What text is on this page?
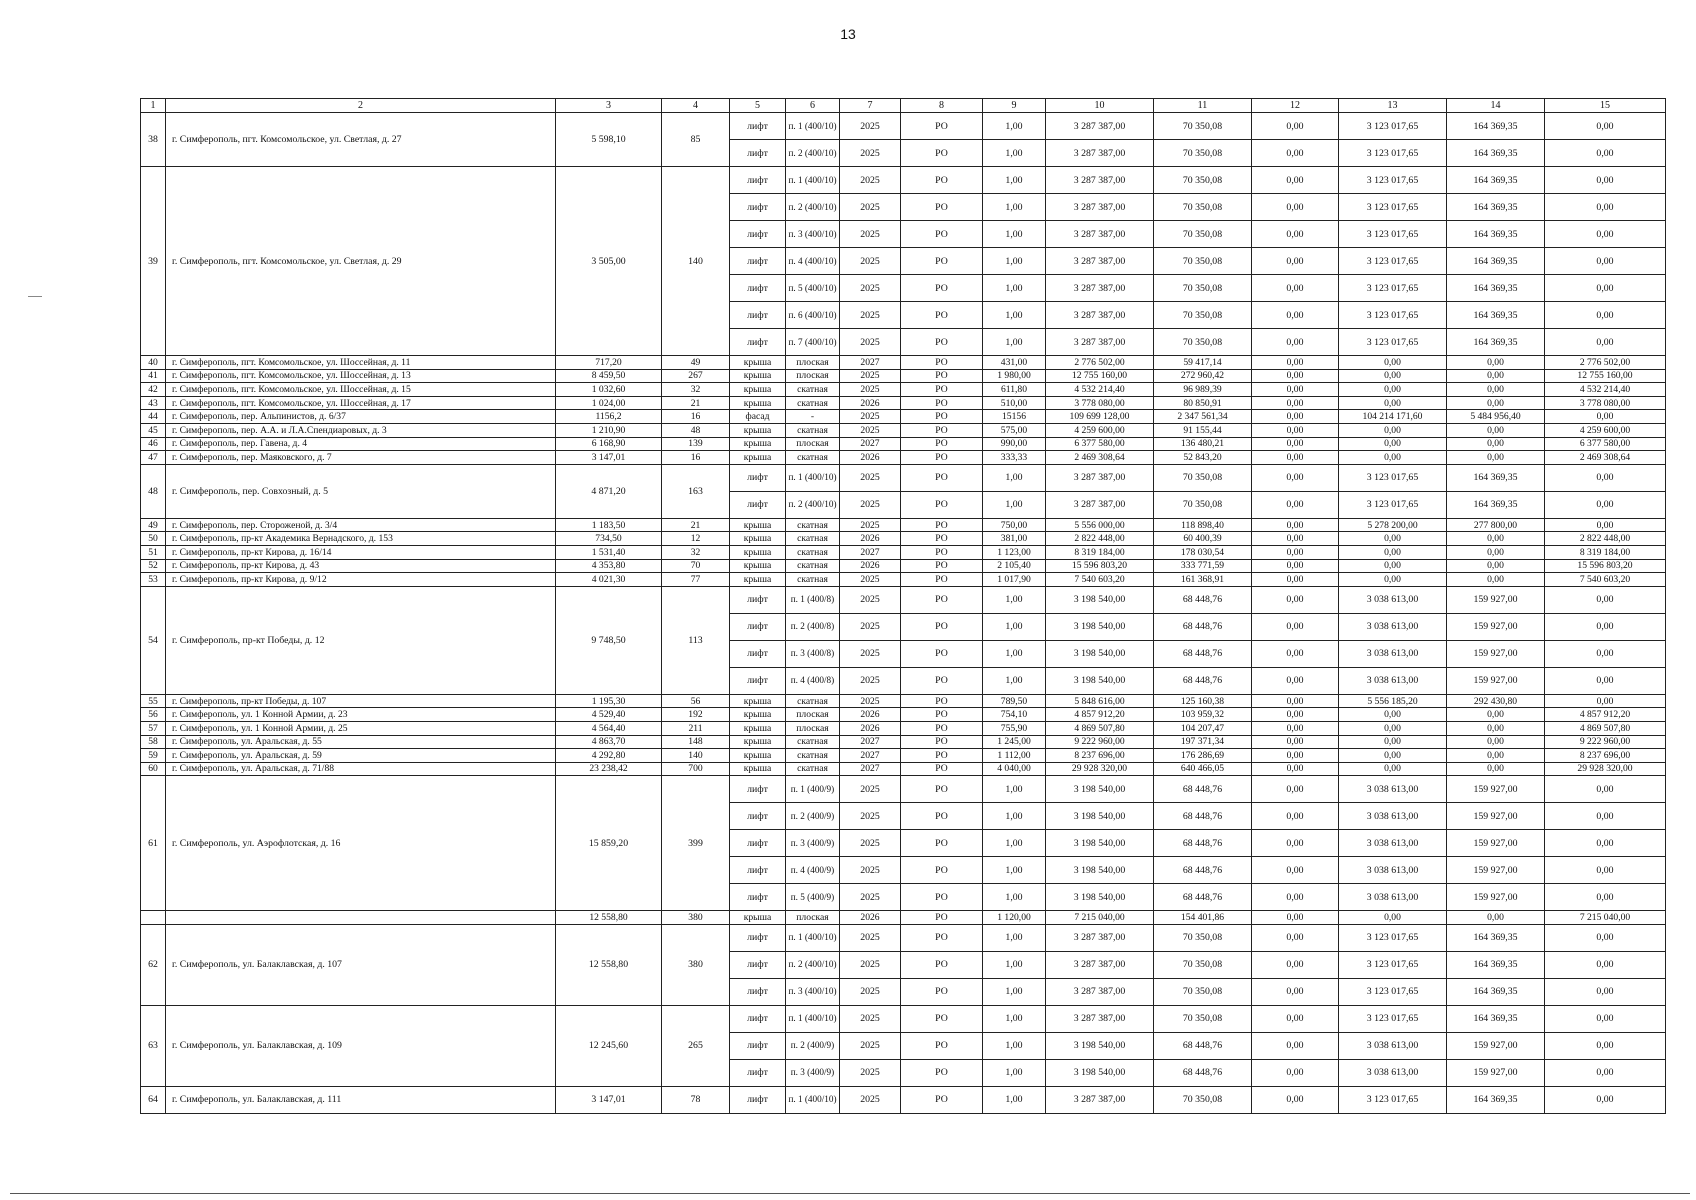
13
1	2	3	4	5	6	7	8	9	10	11	12	13	14	15
38	г. Симферополь, пгт. Комсомольское, ул. Светлая, д. 27	5 598,10	85	лифт	п. 1 (400/10)	2025	РО	1,00	3 287 387,00	70 350,08	0,00	3 123 017,65	164 369,35	0,00
				лифт	п. 2 (400/10)	2025	РО	1,00	3 287 387,00	70 350,08	0,00	3 123 017,65	164 369,35	0,00
39	г. Симферополь, пгт. Комсомольское, ул. Светлая, д. 29	3 505,00	140	лифт	п. 1 (400/10)	2025	РО	1,00	3 287 387,00	70 350,08	0,00	3 123 017,65	164 369,35	0,00
				лифт	п. 2 (400/10)	2025	РО	1,00	3 287 387,00	70 350,08	0,00	3 123 017,65	164 369,35	0,00
				лифт	п. 3 (400/10)	2025	РО	1,00	3 287 387,00	70 350,08	0,00	3 123 017,65	164 369,35	0,00
				лифт	п. 4 (400/10)	2025	РО	1,00	3 287 387,00	70 350,08	0,00	3 123 017,65	164 369,35	0,00
				лифт	п. 5 (400/10)	2025	РО	1,00	3 287 387,00	70 350,08	0,00	3 123 017,65	164 369,35	0,00
				лифт	п. 6 (400/10)	2025	РО	1,00	3 287 387,00	70 350,08	0,00	3 123 017,65	164 369,35	0,00
				лифт	п. 7 (400/10)	2025	РО	1,00	3 287 387,00	70 350,08	0,00	3 123 017,65	164 369,35	0,00
40	г. Симферополь, пгт. Комсомольское, ул. Шоссейная, д. 11	717,20	49	крыша	плоская	2027	РО	431,00	2 776 502,00	59 417,14	0,00	0,00	0,00	2 776 502,00
41	г. Симферополь, пгт. Комсомольское, ул. Шоссейная, д. 13	8 459,50	267	крыша	плоская	2025	РО	1 980,00	12 755 160,00	272 960,42	0,00	0,00	0,00	12 755 160,00
42	г. Симферополь, пгт. Комсомольское, ул. Шоссейная, д. 15	1 032,60	32	крыша	скатная	2025	РО	611,80	4 532 214,40	96 989,39	0,00	0,00	0,00	4 532 214,40
43	г. Симферополь, пгт. Комсомольское, ул. Шоссейная, д. 17	1 024,00	21	крыша	скатная	2026	РО	510,00	3 778 080,00	80 850,91	0,00	0,00	0,00	3 778 080,00
44	г. Симферополь, пер. Альпинистов, д. 6/37	1156,2	16	фасад	-	2025	РО	15156	109 699 128,00	2 347 561,34	0,00	104 214 171,60	5 484 956,40	0,00
45	г. Симферополь, пер. А.А. и Л.А.Спендиаровых, д. 3	1 210,90	48	крыша	скатная	2025	РО	575,00	4 259 600,00	91 155,44	0,00	0,00	0,00	4 259 600,00
46	г. Симферополь, пер. Гавена, д. 4	6 168,90	139	крыша	плоская	2027	РО	990,00	6 377 580,00	136 480,21	0,00	0,00	0,00	6 377 580,00
47	г. Симферополь, пер. Маяковского, д. 7	3 147,01	16	крыша	скатная	2026	РО	333,33	2 469 308,64	52 843,20	0,00	0,00	0,00	2 469 308,64
48	г. Симферополь, пер. Совхозный, д. 5	4 871,20	163	лифт	п. 1 (400/10)	2025	РО	1,00	3 287 387,00	70 350,08	0,00	3 123 017,65	164 369,35	0,00
				лифт	п. 2 (400/10)	2025	РО	1,00	3 287 387,00	70 350,08	0,00	3 123 017,65	164 369,35	0,00
49	г. Симферополь, пер. Стороженой, д. 3/4	1 183,50	21	крыша	скатная	2025	РО	750,00	5 556 000,00	118 898,40	0,00	5 278 200,00	277 800,00	0,00
50	г. Симферополь, пр-кт Академика Вернадского, д. 153	734,50	12	крыша	скатная	2026	РО	381,00	2 822 448,00	60 400,39	0,00	0,00	0,00	2 822 448,00
51	г. Симферополь, пр-кт Кирова, д. 16/14	1 531,40	32	крыша	скатная	2027	РО	1 123,00	8 319 184,00	178 030,54	0,00	0,00	0,00	8 319 184,00
52	г. Симферополь, пр-кт Кирова, д. 43	4 353,80	70	крыша	скатная	2026	РО	2 105,40	15 596 803,20	333 771,59	0,00	0,00	0,00	15 596 803,20
53	г. Симферополь, пр-кт Кирова, д. 9/12	4 021,30	77	крыша	скатная	2025	РО	1 017,90	7 540 603,20	161 368,91	0,00	0,00	0,00	7 540 603,20
54	г. Симферополь, пр-кт Победы, д. 12	9 748,50	113	лифт	п. 1 (400/8)	2025	РО	1,00	3 198 540,00	68 448,76	0,00	3 038 613,00	159 927,00	0,00
				лифт	п. 2 (400/8)	2025	РО	1,00	3 198 540,00	68 448,76	0,00	3 038 613,00	159 927,00	0,00
				лифт	п. 3 (400/8)	2025	РО	1,00	3 198 540,00	68 448,76	0,00	3 038 613,00	159 927,00	0,00
				лифт	п. 4 (400/8)	2025	РО	1,00	3 198 540,00	68 448,76	0,00	3 038 613,00	159 927,00	0,00
55	г. Симферополь, пр-кт Победы, д. 107	1 195,30	56	крыша	скатная	2025	РО	789,50	5 848 616,00	125 160,38	0,00	5 556 185,20	292 430,80	0,00
56	г. Симферополь, ул. 1 Конной Армии, д. 23	4 529,40	192	крыша	плоская	2026	РО	754,10	4 857 912,20	103 959,32	0,00	0,00	0,00	4 857 912,20
57	г. Симферополь, ул. 1 Конной Армии, д. 25	4 564,40	211	крыша	плоская	2026	РО	755,90	4 869 507,80	104 207,47	0,00	0,00	0,00	4 869 507,80
58	г. Симферополь, ул. Аральская, д. 55	4 863,70	148	крыша	скатная	2027	РО	1 245,00	9 222 960,00	197 371,34	0,00	0,00	0,00	9 222 960,00
59	г. Симферополь, ул. Аральская, д. 59	4 292,80	140	крыша	скатная	2027	РО	1 112,00	8 237 696,00	176 286,69	0,00	0,00	0,00	8 237 696,00
60	г. Симферополь, ул. Аральская, д. 71/88	23 238,42	700	крыша	скатная	2027	РО	4 040,00	29 928 320,00	640 466,05	0,00	0,00	0,00	29 928 320,00
61	г. Симферополь, ул. Аэрофлотская, д. 16	15 859,20	399	лифт	п. 1 (400/9)	2025	РО	1,00	3 198 540,00	68 448,76	0,00	3 038 613,00	159 927,00	0,00
				лифт	п. 2 (400/9)	2025	РО	1,00	3 198 540,00	68 448,76	0,00	3 038 613,00	159 927,00	0,00
				лифт	п. 3 (400/9)	2025	РО	1,00	3 198 540,00	68 448,76	0,00	3 038 613,00	159 927,00	0,00
				лифт	п. 4 (400/9)	2025	РО	1,00	3 198 540,00	68 448,76	0,00	3 038 613,00	159 927,00	0,00
				лифт	п. 5 (400/9)	2025	РО	1,00	3 198 540,00	68 448,76	0,00	3 038 613,00	159 927,00	0,00
		12 558,80	380	крыша	плоская	2026	РО	1 120,00	7 215 040,00	154 401,86	0,00	0,00	0,00	7 215 040,00
62	г. Симферополь, ул. Балаклавская, д. 107	12 558,80	380	лифт	п. 1 (400/10)	2025	РО	1,00	3 287 387,00	70 350,08	0,00	3 123 017,65	164 369,35	0,00
				лифт	п. 2 (400/10)	2025	РО	1,00	3 287 387,00	70 350,08	0,00	3 123 017,65	164 369,35	0,00
				лифт	п. 3 (400/10)	2025	РО	1,00	3 287 387,00	70 350,08	0,00	3 123 017,65	164 369,35	0,00
63	г. Симферополь, ул. Балаклавская, д. 109	12 245,60	265	лифт	п. 1 (400/10)	2025	РО	1,00	3 287 387,00	70 350,08	0,00	3 123 017,65	164 369,35	0,00
				лифт	п. 2 (400/9)	2025	РО	1,00	3 198 540,00	68 448,76	0,00	3 038 613,00	159 927,00	0,00
				лифт	п. 3 (400/9)	2025	РО	1,00	3 198 540,00	68 448,76	0,00	3 038 613,00	159 927,00	0,00
64	г. Симферополь, ул. Балаклавская, д. 111	3 147,01	78	лифт	п. 1 (400/10)	2025	РО	1,00	3 287 387,00	70 350,08	0,00	3 123 017,65	164 369,35	0,00
